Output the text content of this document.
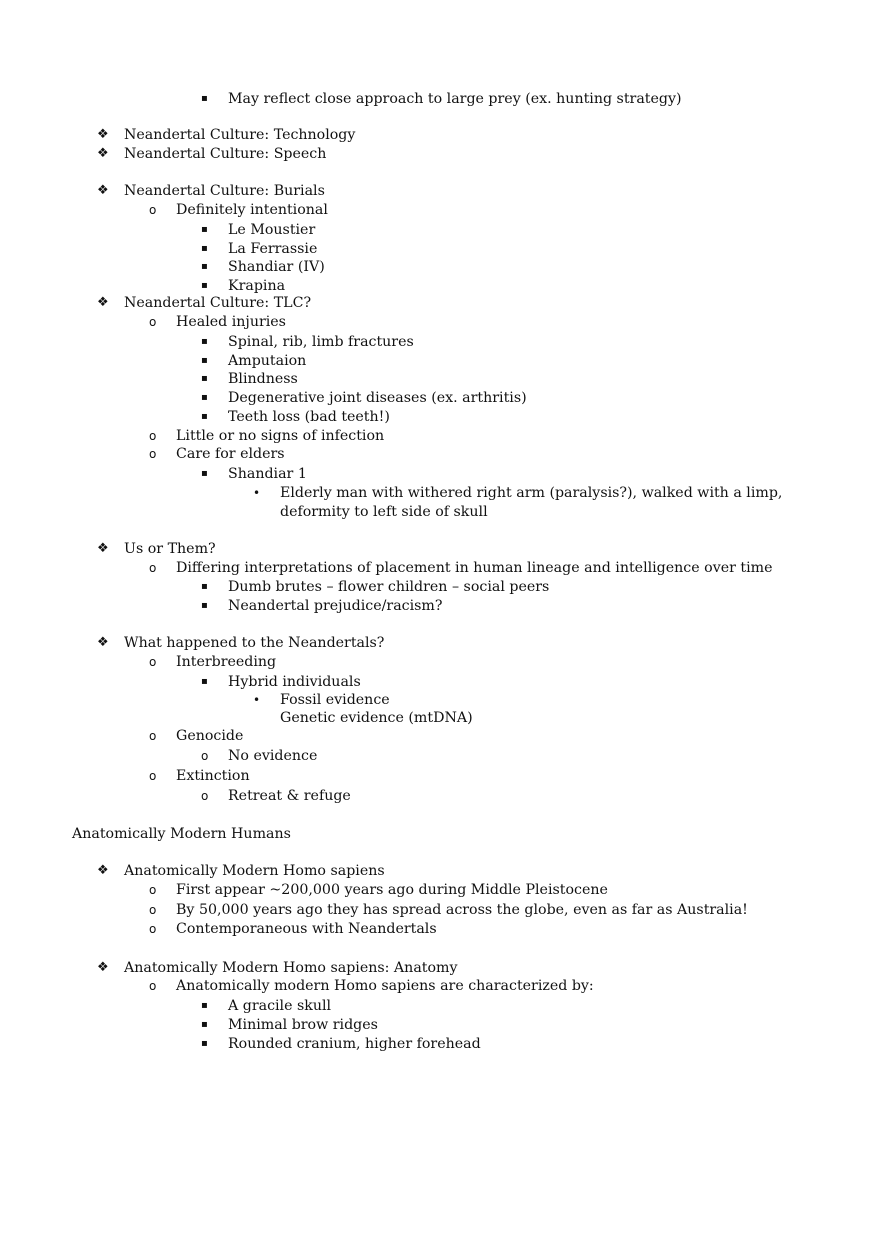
▪ May reflect close approach to large prey (ex. hunting strategy)
❖ Neandertal Culture: Technology
❖ Neandertal Culture: Speech
❖ Neandertal Culture: Burials
o Definitely intentional
▪ Le Moustier
▪ La Ferrassie
▪ Shandiar (IV)
▪ Krapina
❖ Neandertal Culture: TLC?
o Healed injuries
▪ Spinal, rib, limb fractures
▪ Amputaion
▪ Blindness
▪ Degenerative joint diseases (ex. arthritis)
▪ Teeth loss (bad teeth!)
o Little or no signs of infection
o Care for elders
▪ Shandiar 1
• Elderly man with withered right arm (paralysis?), walked with a limp,
deformity to left side of skull
❖ Us or Them?
o Differing interpretations of placement in human lineage and intelligence over time
▪ Dumb brutes – flower children – social peers
▪ Neandertal prejudice/racism?
❖ What happened to the Neandertals?
o Interbreeding
▪ Hybrid individuals
• Fossil evidence
Genetic evidence (mtDNA)
o Genocide
o No evidence
o Extinction
o Retreat & refuge
Anatomically Modern Humans
❖ Anatomically Modern Homo sapiens
o First appear ~200,000 years ago during Middle Pleistocene
o By 50,000 years ago they has spread across the globe, even as far as Australia!
o Contemporaneous with Neandertals
❖ Anatomically Modern Homo sapiens: Anatomy
o Anatomically modern Homo sapiens are characterized by:
▪ A gracile skull
▪ Minimal brow ridges
▪ Rounded cranium, higher forehead
